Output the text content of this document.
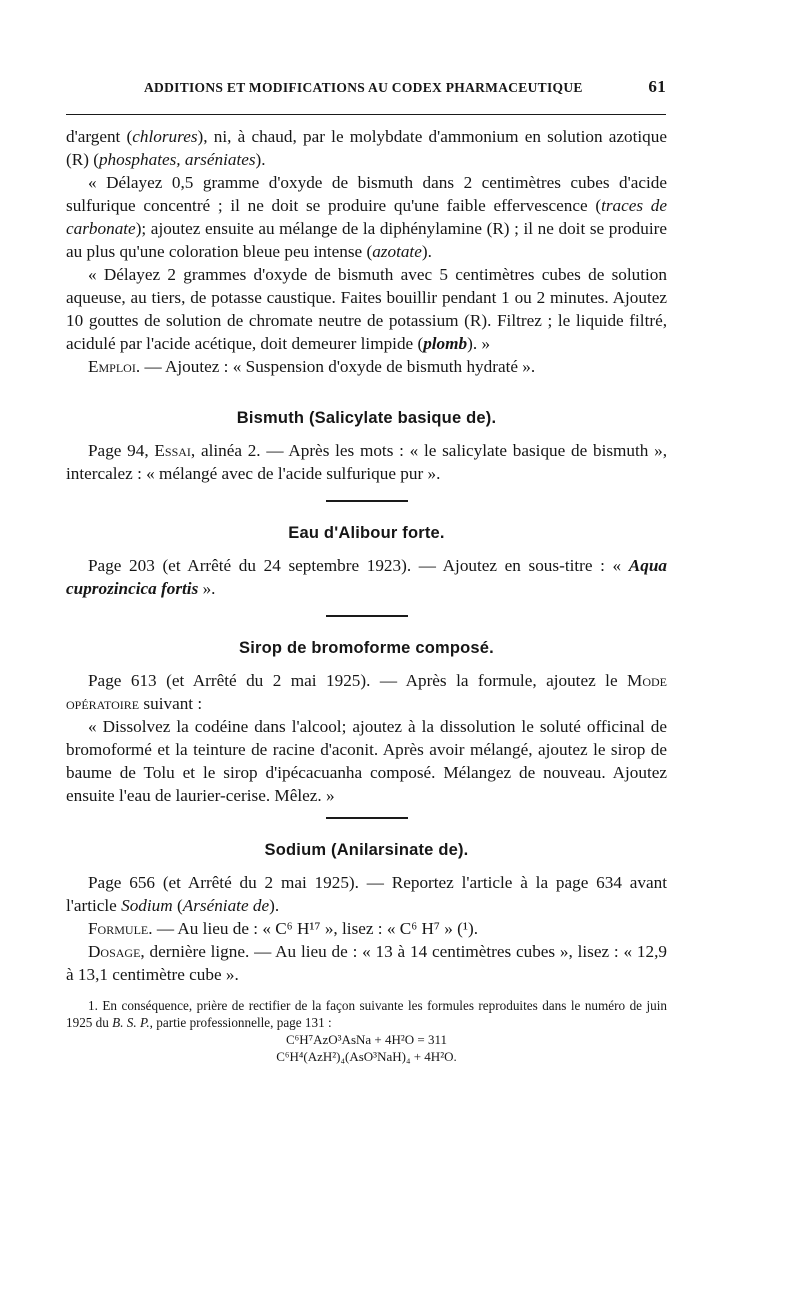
ADDITIONS ET MODIFICATIONS AU CODEX PHARMACEUTIQUE	61

d'argent (chlorures), ni, à chaud, par le molybdate d'ammonium en solution azotique (R) (phosphates, arséniates).

« Délayez 0,5 gramme d'oxyde de bismuth dans 2 centimètres cubes d'acide sulfurique concentré ; il ne doit se produire qu'une faible effervescence (traces de carbonate); ajoutez ensuite au mélange de la diphénylamine (R) ; il ne doit se produire au plus qu'une coloration bleue peu intense (azotate).

« Délayez 2 grammes d'oxyde de bismuth avec 5 centimètres cubes de solution aqueuse, au tiers, de potasse caustique. Faites bouillir pendant 1 ou 2 minutes. Ajoutez 10 gouttes de solution de chromate neutre de potassium (R). Filtrez ; le liquide filtré, acidulé par l'acide acétique, doit demeurer limpide (plomb). »

Emploi. — Ajoutez : « Suspension d'oxyde de bismuth hydraté ».

Bismuth (Salicylate basique de).

Page 94, Essai, alinéa 2. — Après les mots : « le salicylate basique de bismuth », intercalez : « mélangé avec de l'acide sulfurique pur ».

Eau d'Alibour forte.

Page 203 (et Arrêté du 24 septembre 1923). — Ajoutez en sous-titre : « Aqua cuprozincica fortis ».

Sirop de bromoforme composé.

Page 613 (et Arrêté du 2 mai 1925). — Après la formule, ajoutez le Mode opératoire suivant :

« Dissolvez la codéine dans l'alcool; ajoutez à la dissolution le soluté officinal de bromoformé et la teinture de racine d'aconit. Après avoir mélangé, ajoutez le sirop de baume de Tolu et le sirop d'ipécacuanha composé. Mélangez de nouveau. Ajoutez ensuite l'eau de laurier-cerise. Mêlez. »

Sodium (Anilarsinate de).

Page 656 (et Arrêté du 2 mai 1925). — Reportez l'article à la page 634 avant l'article Sodium (Arséniate de).

Formule. — Au lieu de : « C⁶ H¹⁷ », lisez : « C⁶ H⁷ » (¹).

Dosage, dernière ligne. — Au lieu de : « 13 à 14 centimètres cubes », lisez : « 12,9 à 13,1 centimètre cube ».

1. En conséquence, prière de rectifier de la façon suivante les formules reproduites dans le numéro de juin 1925 du B. S. P., partie professionnelle, page 131 :

C⁶H⁷AzO³AsNa + 4H²O = 311

C⁶H⁴(AzH²)₄(AsO³NaH)₄ + 4H²O.
